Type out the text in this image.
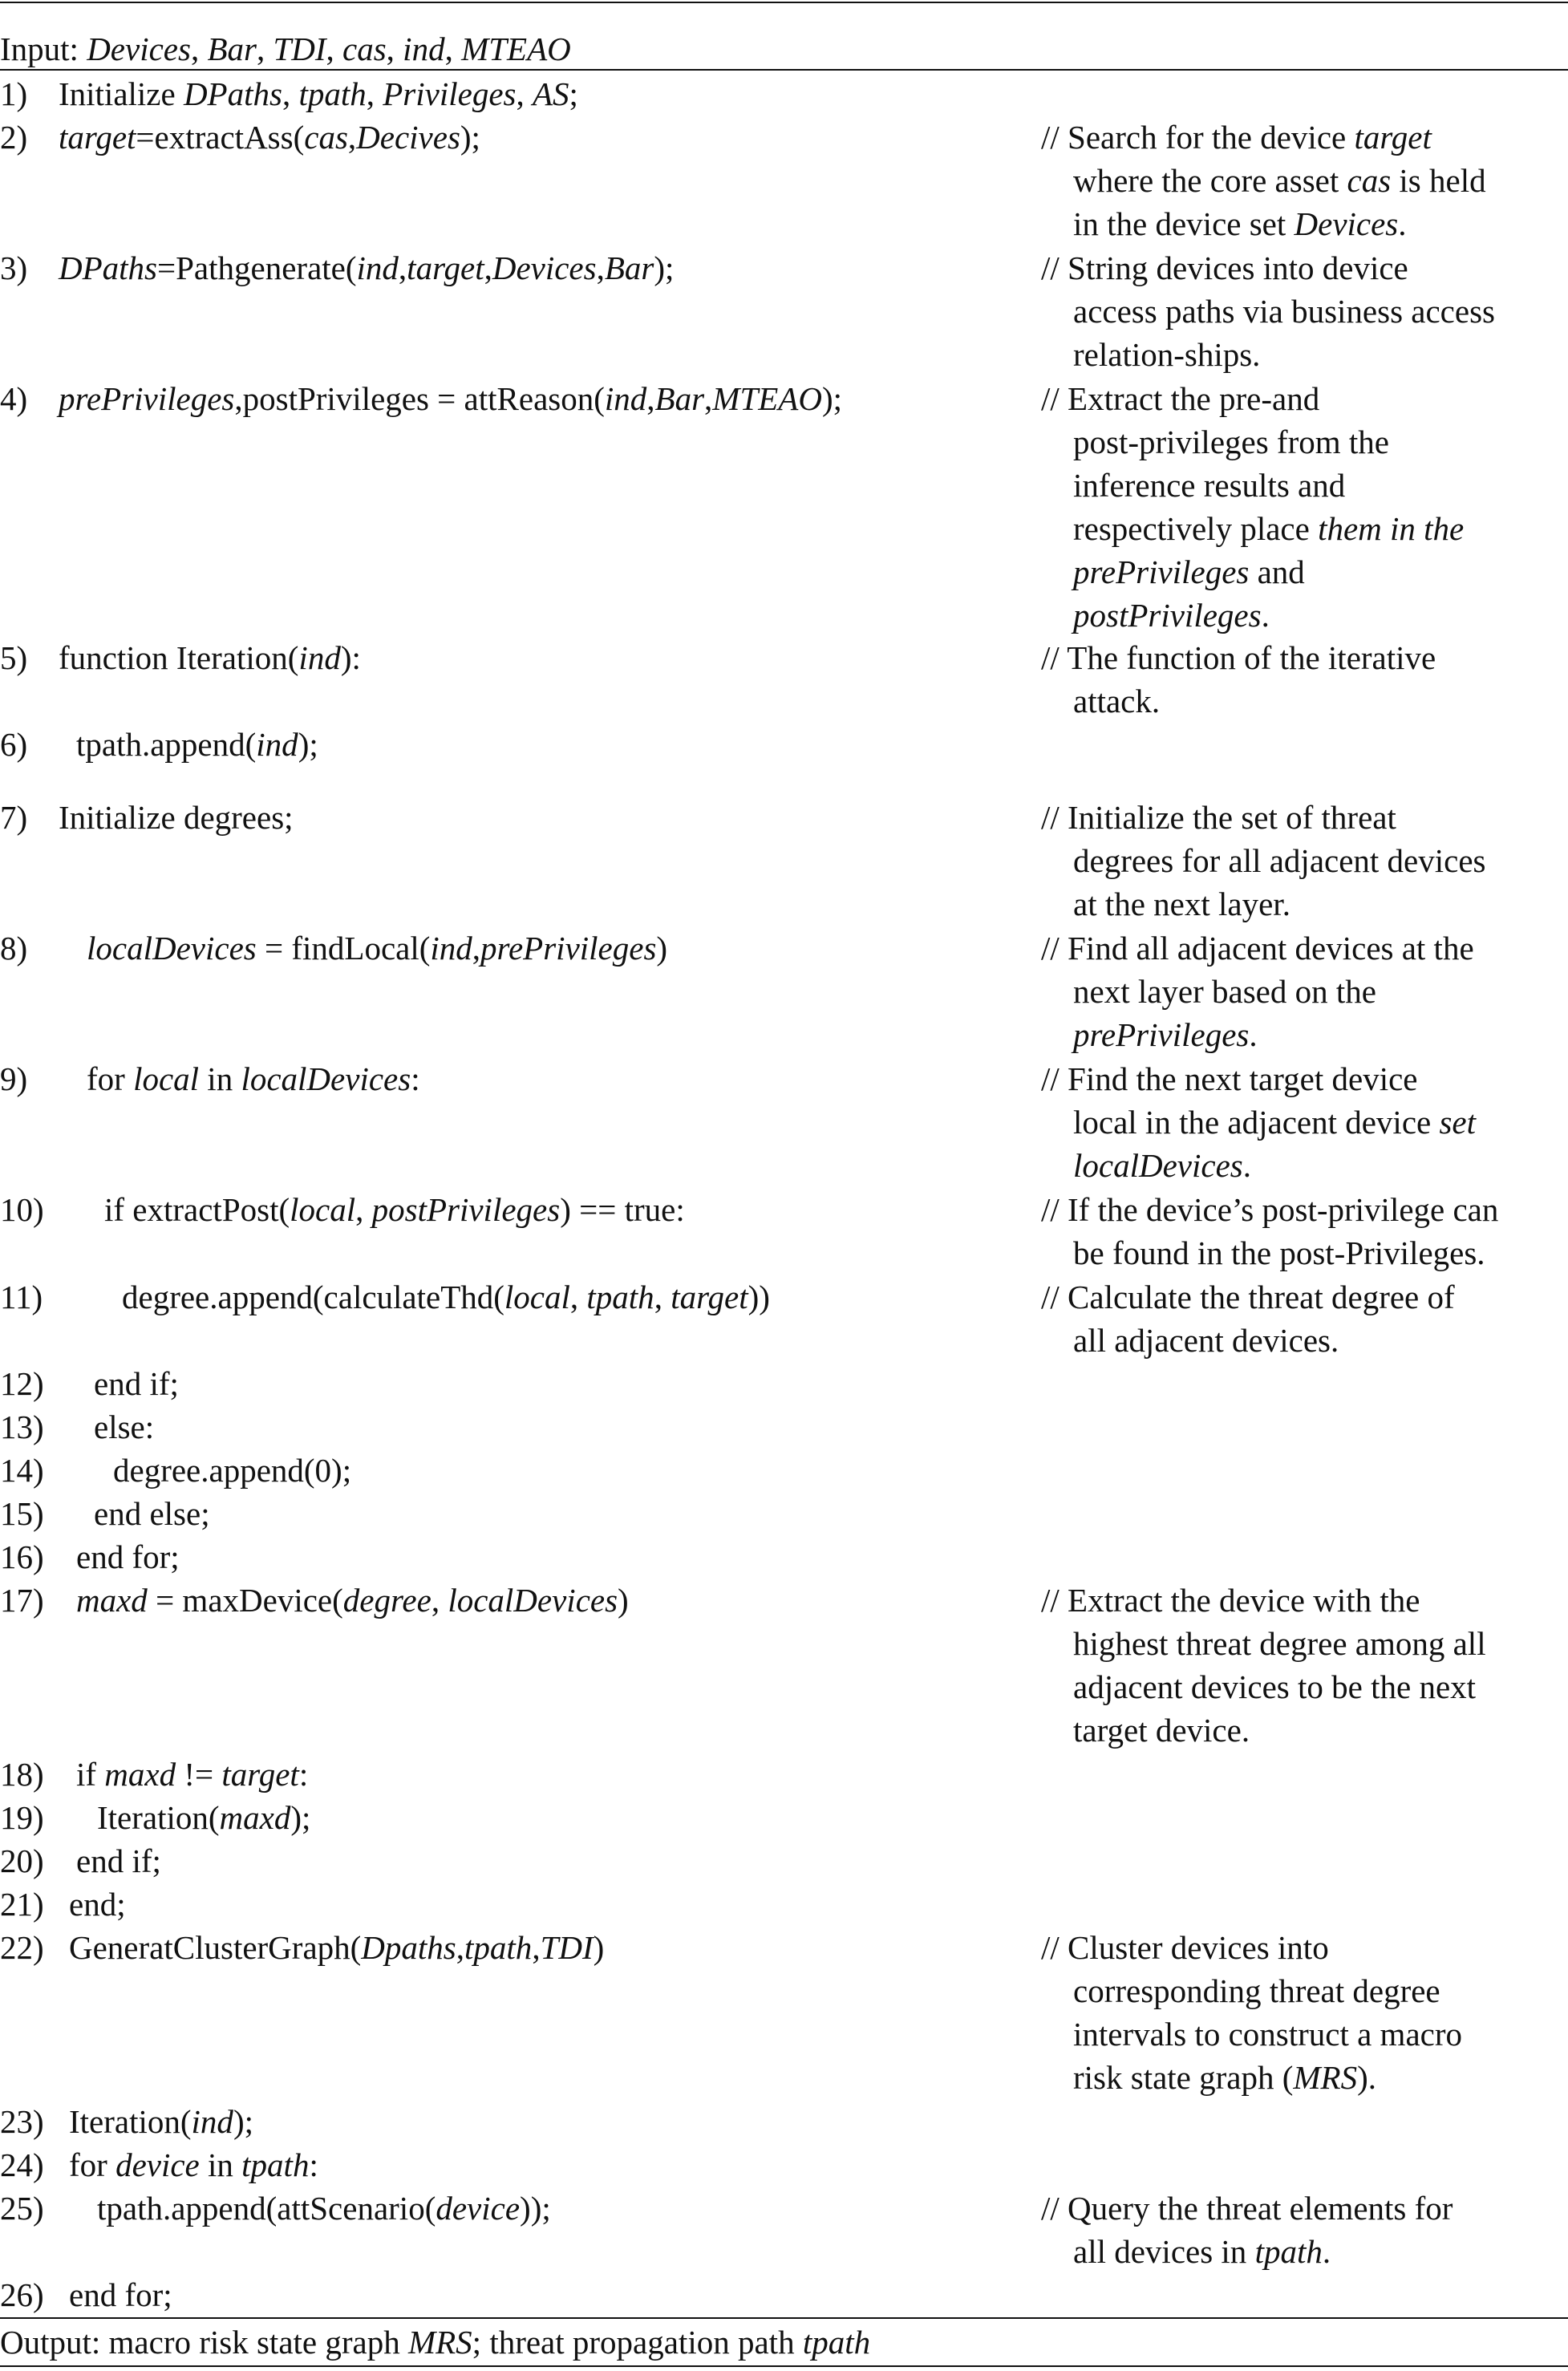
Input: Devices, Bar, TDI, cas, ind, MTEAO
1) Initialize DPaths, tpath, Privileges, AS;
2) target=extractAss(cas,Decives);	// Search for the device target
where the core asset cas is held
in the device set Devices.
3) DPaths=Pathgenerate(ind,target,Devices,Bar);	// String devices into device
access paths via business access
relation-ships.
4) prePrivileges,postPrivileges = attReason(ind,Bar,MTEAO);	// Extract the pre-and
post-privileges from the
inference results and
respectively place them in the
prePrivileges and
postPrivileges.
5) function Iteration(ind):	// The function of the iterative
attack.
6) tpath.append(ind);
7) Initialize degrees;	// Initialize the set of threat
degrees for all adjacent devices
at the next layer.
8) localDevices = findLocal(ind,prePrivileges)	// Find all adjacent devices at the
next layer based on the
prePrivileges.
9) for local in localDevices:	// Find the next target device
local in the adjacent device set
localDevices.
10) if extractPost(local, postPrivileges) == true:	// If the device’s post-privilege can
be found in the post-Privileges.
11) degree.append(calculateThd(local, tpath, target))	// Calculate the threat degree of
all adjacent devices.
12) end if;
13) else:
14) degree.append(0);
15) end else;
16) end for;
17) maxd = maxDevice(degree, localDevices)	// Extract the device with the
highest threat degree among all
adjacent devices to be the next
target device.
18) if maxd != target:
19) Iteration(maxd);
20) end if;
21) end;
22) GeneratClusterGraph(Dpaths,tpath,TDI)	// Cluster devices into
corresponding threat degree
intervals to construct a macro
risk state graph (MRS).
23) Iteration(ind);
24) for device in tpath:
25) tpath.append(attScenario(device));	// Query the threat elements for
all devices in tpath.
26) end for;
Output: macro risk state graph MRS; threat propagation path tpath
